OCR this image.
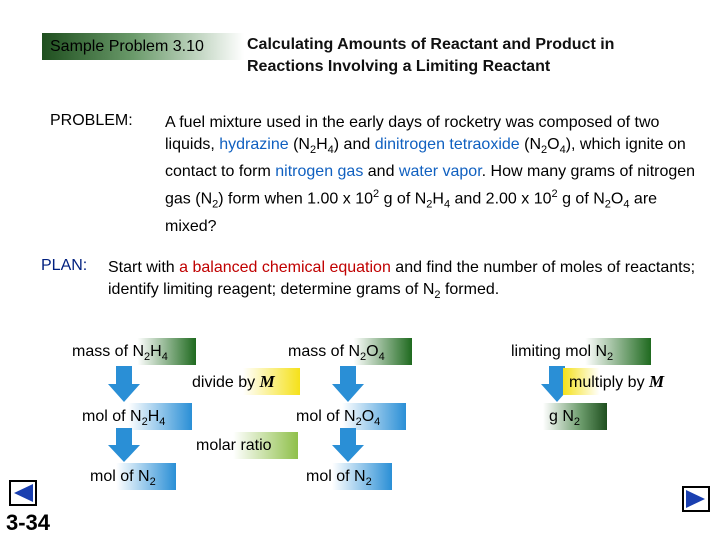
Sample Problem 3.10	Calculating Amounts of Reactant and Product in
Reactions Involving a Limiting Reactant
PROBLEM: A fuel mixture used in the early days of rocketry was composed of two liquids, hydrazine $(N_2H_4)$ and dinitrogen tetraoxide $(N_2O_4)$, which ignite on contact to form nitrogen gas and water vapor. How many grams of nitrogen gas $(N_2)$ form when 1.00 x $10^2$ g of $N_2H_4$ and 2.00 x $10^2$ g of $N_2O_4$ are mixed?
PLAN: Start with a balanced chemical equation and find the number of moles of reactants; identify limiting reagent; determine grams of $N_2$ formed.
mass of $N_2H_4$	mass of $N_2O_4$
divide by M
mol of $N_2H_4$	mol of $N_2O_4$
molar ratio
mol of $N_2$	mol of $N_2$
limiting mol $N_2$
multiply by M
g $N_2$
3-34
